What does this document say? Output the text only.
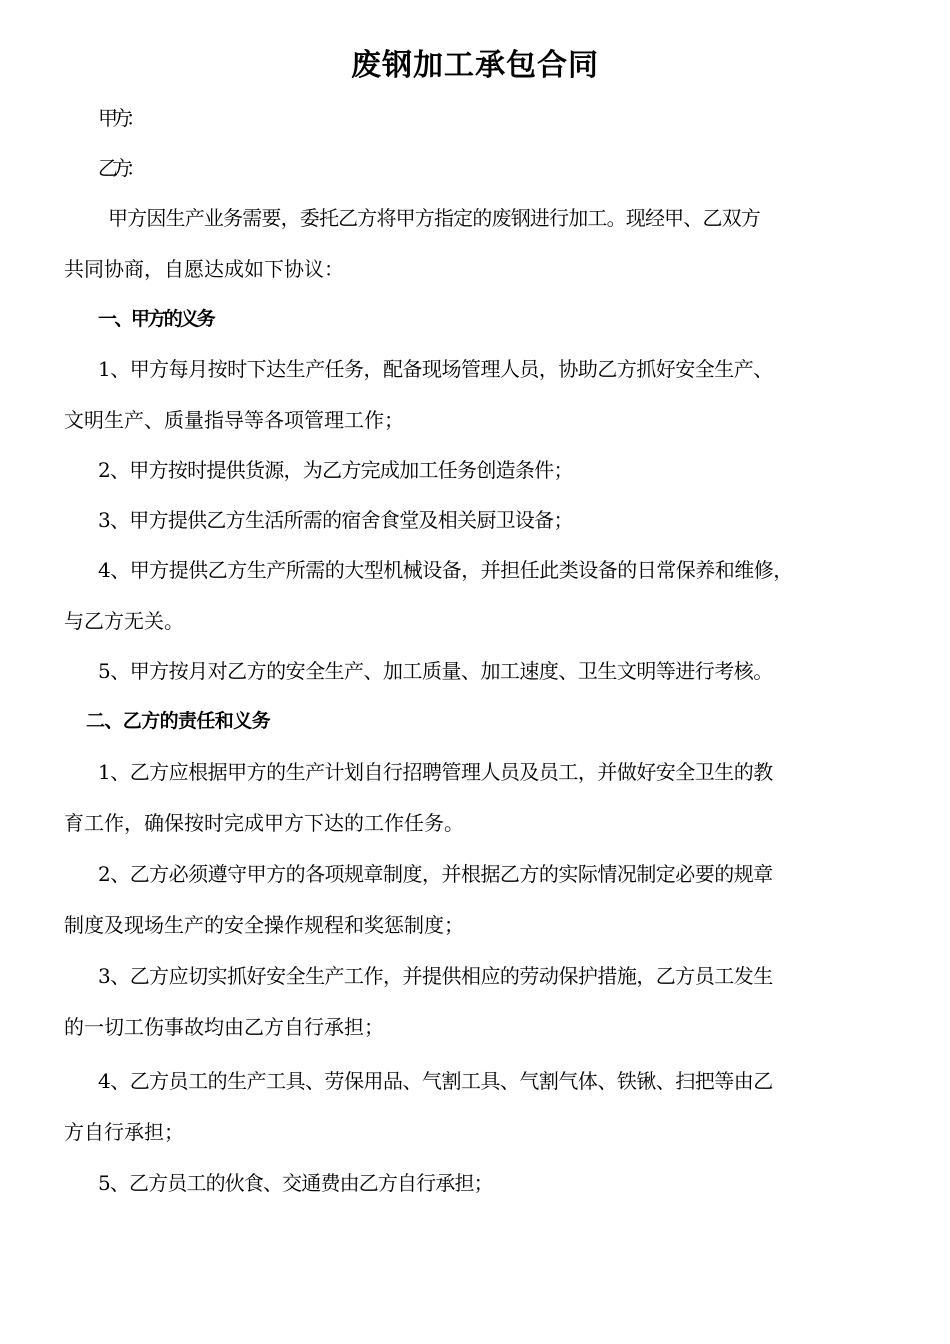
废钢加工承包合同

甲方：

乙方：

甲方因生产业务需要，委托乙方将甲方指定的废钢进行加工。现经甲、乙双方

共同协商，自愿达成如下协议：

一、甲方的义务

1、甲方每月按时下达生产任务，配备现场管理人员，协助乙方抓好安全生产、

文明生产、质量指导等各项管理工作；

2、甲方按时提供货源，为乙方完成加工任务创造条件；

3、甲方提供乙方生活所需的宿舍食堂及相关厨卫设备；

4、甲方提供乙方生产所需的大型机械设备，并担任此类设备的日常保养和维修，

与乙方无关。

5、甲方按月对乙方的安全生产、加工质量、加工速度、卫生文明等进行考核。

二、乙方的责任和义务

1、乙方应根据甲方的生产计划自行招聘管理人员及员工，并做好安全卫生的教

育工作，确保按时完成甲方下达的工作任务。

2、乙方必须遵守甲方的各项规章制度，并根据乙方的实际情况制定必要的规章

制度及现场生产的安全操作规程和奖惩制度；

3、乙方应切实抓好安全生产工作，并提供相应的劳动保护措施，乙方员工发生

的一切工伤事故均由乙方自行承担；

4、乙方员工的生产工具、劳保用品、气割工具、气割气体、铁锹、扫把等由乙

方自行承担；

5、乙方员工的伙食、交通费由乙方自行承担；
